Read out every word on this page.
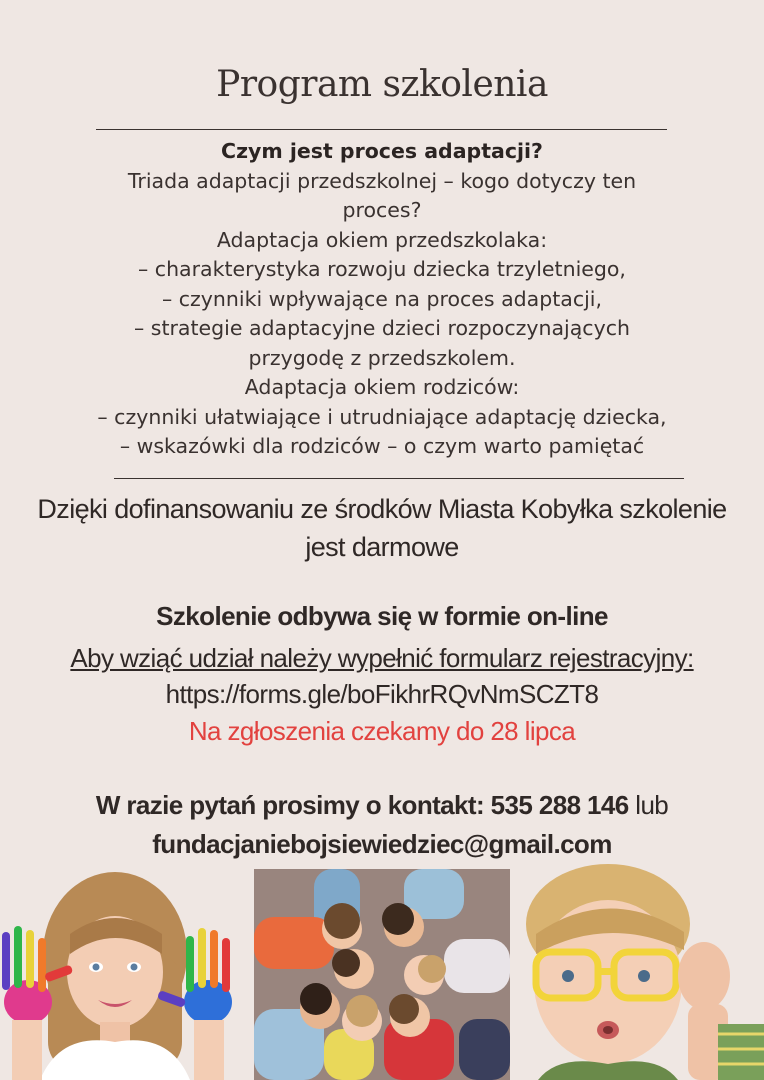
Program szkolenia
Czym jest proces adaptacji?
Triada adaptacji przedszkolnej – kogo dotyczy ten
proces?
Adaptacja okiem przedszkolaka:
– charakterystyka rozwoju dziecka trzyletniego,
– czynniki wpływające na proces adaptacji,
– strategie adaptacyjne dzieci rozpoczynających
przygodę z przedszkolem.
Adaptacja okiem rodziców:
– czynniki ułatwiające i utrudniające adaptację dziecka,
– wskazówki dla rodziców – o czym warto pamiętać
Dzięki dofinansowaniu ze środków Miasta Kobyłka szkolenie
jest darmowe
Szkolenie odbywa się w formie on-line
Aby wziąć udział należy wypełnić formularz rejestracyjny:
https://forms.gle/boFikhrRQvNmSCZT8
Na zgłoszenia czekamy do 28 lipca
W razie pytań prosimy o kontakt: 535 288 146 lub
fundacjaniebojsiewiedziec@gmail.com
